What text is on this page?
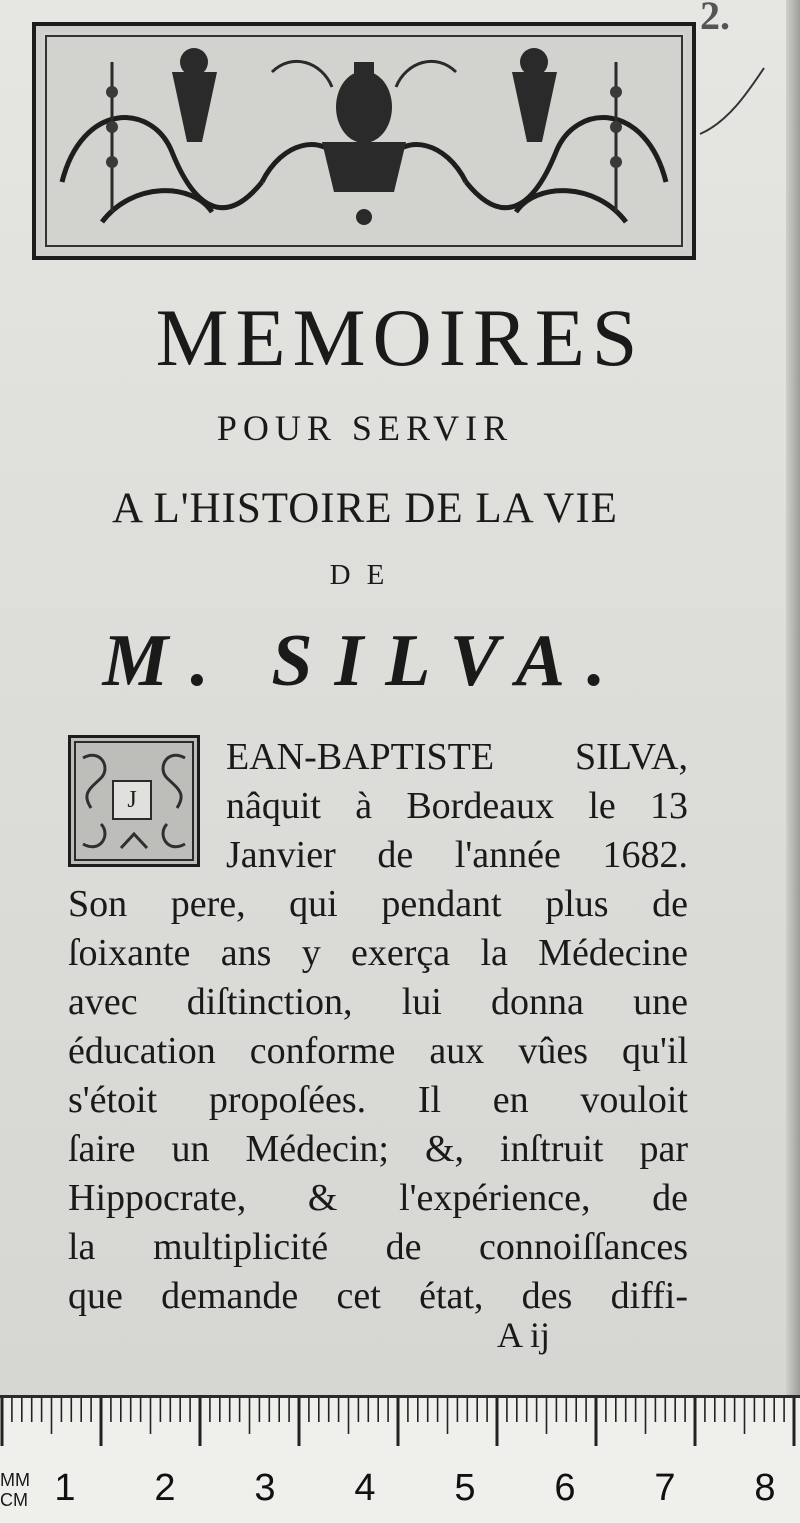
2.
MEMOIRES
POUR SERVIR
A L'HISTOIRE DE LA VIE
DE
M. SILVA.
J
EAN-BAPTISTE SILVA,
nâquit à Bordeaux le 13
Janvier de l'année 1682.
Son pere, qui pendant plus de
ſoixante ans y exerça la Médecine
avec diſtinction, lui donna une
éducation conforme aux vûes qu'il
s'étoit propoſées. Il en vouloit
ſaire un Médecin; &, inſtruit par
Hippocrate, & l'expérience, de
la multiplicité de connoiſſances
que demande cet état, des diffi-
A ij
MM
CM 1 2 3 4 5 6 7 8
